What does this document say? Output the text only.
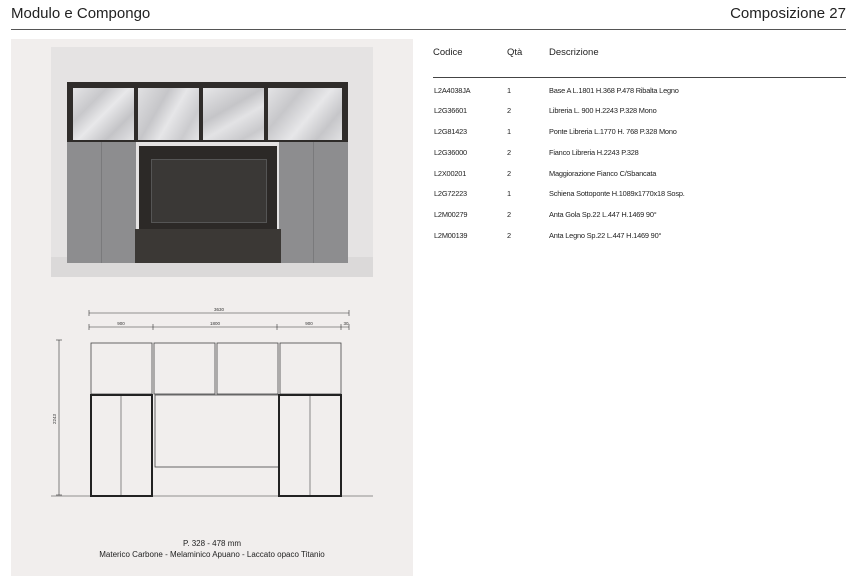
Modulo e Compongo	Composizione 27
3630
900	1800	900	30
2243
P. 328 - 478 mm
Materico Carbone - Melaminico Apuano - Laccato opaco Titanio
Codice	Qtà	Descrizione
L2A4038JA	1	Base A L.1801 H.368 P.478 Ribalta Legno
L2G36601	2	Libreria L. 900 H.2243 P.328 Mono
L2G81423	1	Ponte Libreria L.1770 H. 768 P.328 Mono
L2G36000	2	Fianco Libreria H.2243 P.328
L2X00201	2	Maggiorazione Fianco C/Sbancata
L2G72223	1	Schiena Sottoponte H.1089x1770x18 Sosp.
L2M00279	2	Anta Gola Sp.22 L.447 H.1469 90°
L2M00139	2	Anta Legno Sp.22 L.447 H.1469 90°
